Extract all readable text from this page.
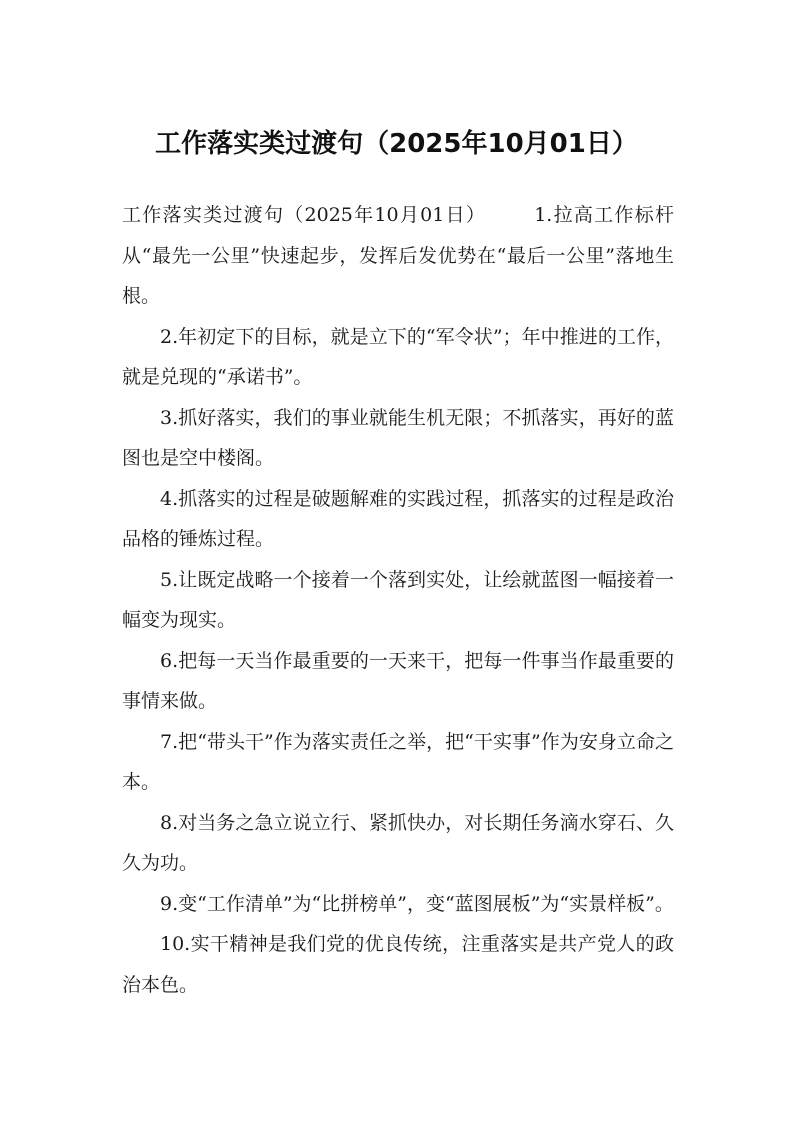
工作落实类过渡句（2025年10月01日）

工作落实类过渡句（2025年10月01日）	1.拉高工作标杆从“最先一公里”快速起步，发挥后发优势在“最后一公里”落地生根。

2.年初定下的目标，就是立下的“军令状”；年中推进的工作，就是兑现的“承诺书”。

3.抓好落实，我们的事业就能生机无限；不抓落实，再好的蓝图也是空中楼阁。

4.抓落实的过程是破题解难的实践过程，抓落实的过程是政治品格的锤炼过程。

5.让既定战略一个接着一个落到实处，让绘就蓝图一幅接着一幅变为现实。

6.把每一天当作最重要的一天来干，把每一件事当作最重要的事情来做。

7.把“带头干”作为落实责任之举，把“干实事”作为安身立命之本。

8.对当务之急立说立行、紧抓快办，对长期任务滴水穿石、久久为功。

9.变“工作清单”为“比拼榜单”，变“蓝图展板”为“实景样板”。

10.实干精神是我们党的优良传统，注重落实是共产党人的政治本色。
